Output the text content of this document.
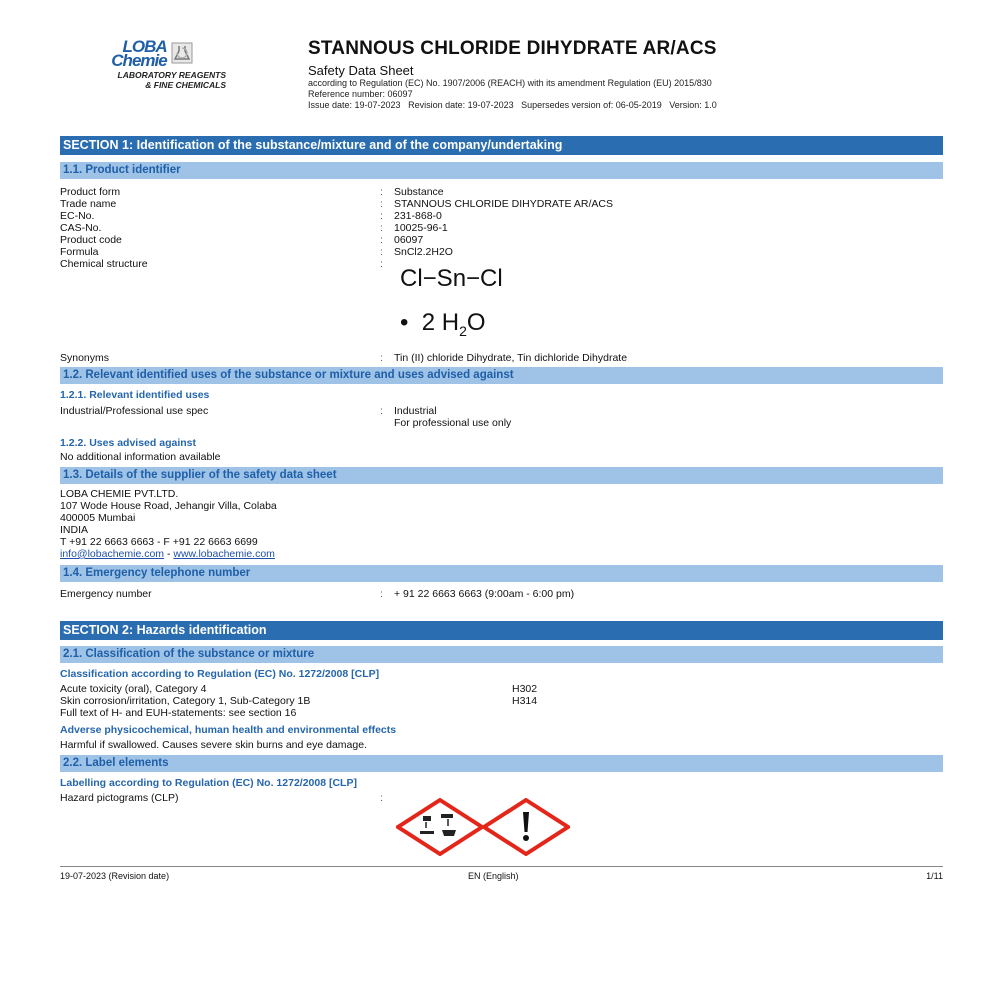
LOBA
Chemie
LABORATORY REAGENTS
& FINE CHEMICALS
STANNOUS CHLORIDE DIHYDRATE AR/ACS
Safety Data Sheet
according to Regulation (EC) No. 1907/2006 (REACH) with its amendment Regulation (EU) 2015/830
Reference number: 06097
Issue date: 19-07-2023   Revision date: 19-07-2023   Supersedes version of: 06-05-2019   Version: 1.0
SECTION 1: Identification of the substance/mixture and of the company/undertaking
1.1. Product identifier
Product form	:	Substance
Trade name	:	STANNOUS CHLORIDE DIHYDRATE AR/ACS
EC-No.	:	231-868-0
CAS-No.	:	10025-96-1
Product code	:	06097
Formula	:	SnCl2.2H2O
Chemical structure	:
Cl−Sn−Cl
•  2 $H_2O$
Synonyms	:	Tin (II) chloride Dihydrate, Tin dichloride Dihydrate
1.2. Relevant identified uses of the substance or mixture and uses advised against
1.2.1. Relevant identified uses
Industrial/Professional use spec	:	Industrial
For professional use only
1.2.2. Uses advised against
No additional information available
1.3. Details of the supplier of the safety data sheet
LOBA CHEMIE PVT.LTD.
107 Wode House Road, Jehangir Villa, Colaba
400005 Mumbai
INDIA
T +91 22 6663 6663 - F +91 22 6663 6699
info@lobachemie.com - www.lobachemie.com
1.4. Emergency telephone number
Emergency number	:	+ 91 22 6663 6663 (9:00am - 6:00 pm)
SECTION 2: Hazards identification
2.1. Classification of the substance or mixture
Classification according to Regulation (EC) No. 1272/2008 [CLP]
Acute toxicity (oral), Category 4	H302
Skin corrosion/irritation, Category 1, Sub-Category 1B	H314
Full text of H- and EUH-statements: see section 16
Adverse physicochemical, human health and environmental effects
Harmful if swallowed. Causes severe skin burns and eye damage.
2.2. Label elements
Labelling according to Regulation (EC) No. 1272/2008 [CLP]
Hazard pictograms (CLP)	:
19-07-2023 (Revision date)	EN (English)	1/11
